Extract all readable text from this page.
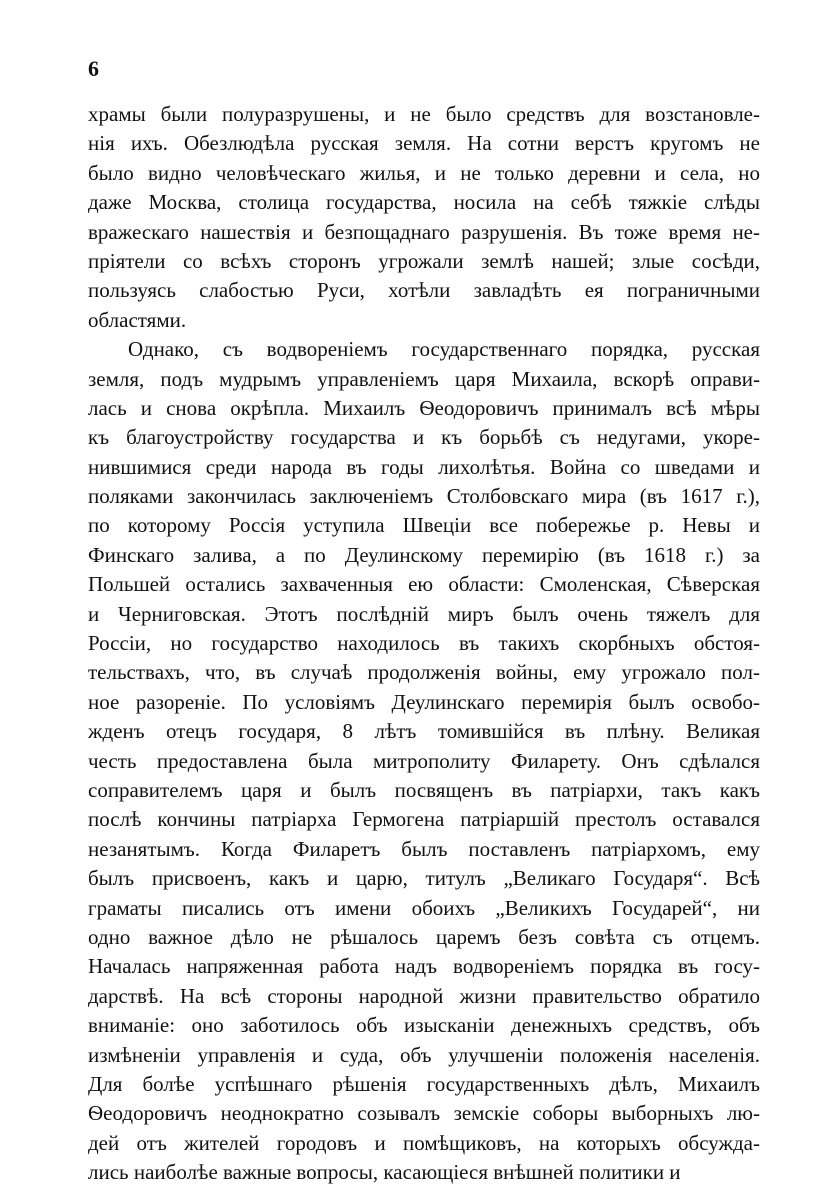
6
храмы были полуразрушены, и не было средствъ для возстановле-
нія ихъ. Обезлюдѣла русская земля. На сотни верстъ кругомъ не
было видно человѣческаго жилья, и не только деревни и села, но
даже Москва, столица государства, носила на себѣ тяжкіе слѣды
вражескаго нашествія и безпощаднаго разрушенія. Въ тоже время не-
пріятели со всѣхъ сторонъ угрожали землѣ нашей; злые сосѣди,
пользуясь слабостью Руси, хотѣли завладѣть ея пограничными
областями.
Однако, съ водвореніемъ государственнаго порядка, русская
земля, подъ мудрымъ управленіемъ царя Михаила, вскорѣ оправи-
лась и снова окрѣпла. Михаилъ Ѳеодоровичъ принималъ всѣ мѣры
къ благоустройству государства и къ борьбѣ съ недугами, укоре-
нившимися среди народа въ годы лихолѣтья. Война со шведами и
поляками закончилась заключеніемъ Столбовскаго мира (въ 1617 г.),
по которому Россія уступила Швеціи все побережье р. Невы и
Финскаго залива, а по Деулинскому перемирію (въ 1618 г.) за
Польшей остались захваченныя ею области: Смоленская, Сѣверская
и Черниговская. Этотъ послѣдній миръ былъ очень тяжелъ для
Россіи, но государство находилось въ такихъ скорбныхъ обстоя-
тельствахъ, что, въ случаѣ продолженія войны, ему угрожало пол-
ное разореніе. По условіямъ Деулинскаго перемирія былъ освобо-
жденъ отецъ государя, 8 лѣтъ томившійся въ плѣну. Великая
честь предоставлена была митрополиту Филарету. Онъ сдѣлался
соправителемъ царя и былъ посвященъ въ патріархи, такъ какъ
послѣ кончины патріарха Гермогена патріаршій престолъ оставался
незанятымъ. Когда Филаретъ былъ поставленъ патріархомъ, ему
былъ присвоенъ, какъ и царю, титулъ „Великаго Государя“. Всѣ
граматы писались отъ имени обоихъ „Великихъ Государей“, ни
одно важное дѣло не рѣшалось царемъ безъ совѣта съ отцемъ.
Началась напряженная работа надъ водвореніемъ порядка въ госу-
дарствѣ. На всѣ стороны народной жизни правительство обратило
вниманіе: оно заботилось объ изысканіи денежныхъ средствъ, объ
измѣненіи управленія и суда, объ улучшеніи положенія населенія.
Для болѣе успѣшнаго рѣшенія государственныхъ дѣлъ, Михаилъ
Ѳеодоровичъ неоднократно созывалъ земскіе соборы выборныхъ лю-
дей отъ жителей городовъ и помѣщиковъ, на которыхъ обсужда-
лись наиболѣе важные вопросы, касающіеся внѣшней политики и
